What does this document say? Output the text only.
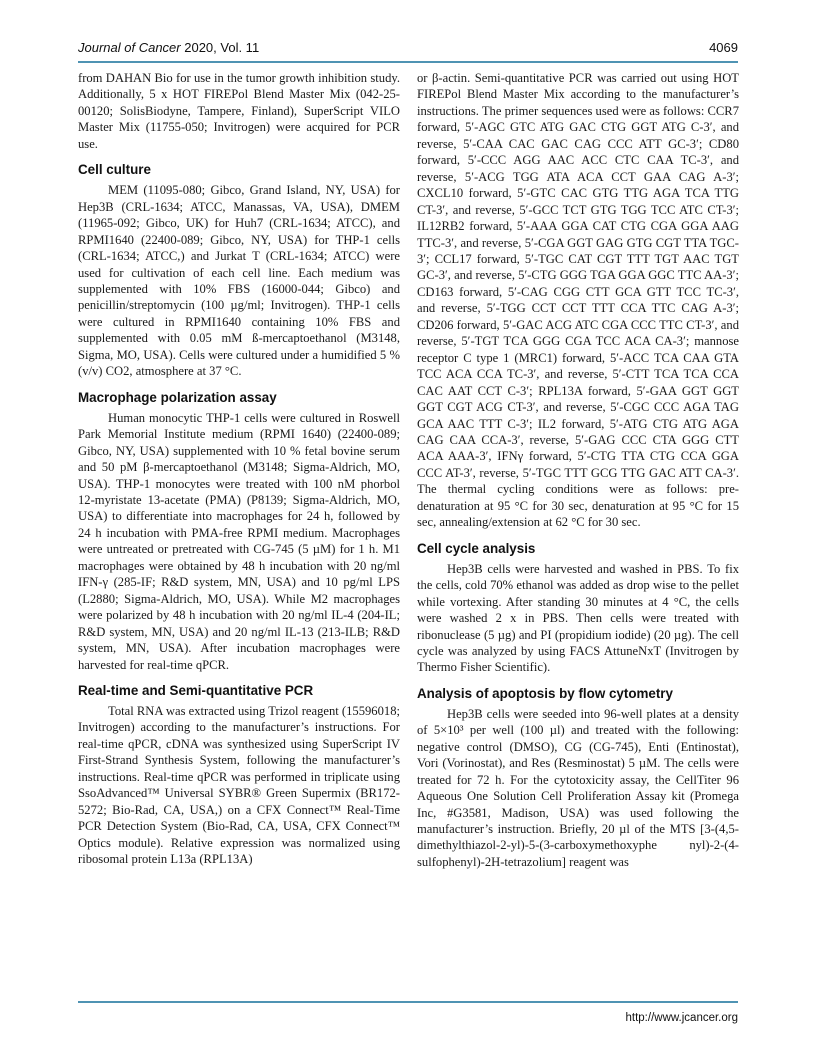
Journal of Cancer 2020, Vol. 11	4069

from DAHAN Bio for use in the tumor growth inhibition study. Additionally, 5 x HOT FIREPol Blend Master Mix (042-25-00120; SolisBiodyne, Tampere, Finland), SuperScript VILO Master Mix (11755-050; Invitrogen) were acquired for PCR use.

Cell culture

MEM (11095-080; Gibco, Grand Island, NY, USA) for Hep3B (CRL-1634; ATCC, Manassas, VA, USA), DMEM (11965-092; Gibco, UK) for Huh7 (CRL-1634; ATCC), and RPMI1640 (22400-089; Gibco, NY, USA) for THP-1 cells (CRL-1634; ATCC,) and Jurkat T (CRL-1634; ATCC) were used for cultivation of each cell line. Each medium was supplemented with 10% FBS (16000-044; Gibco) and penicillin/streptomycin (100 µg/ml; Invitrogen). THP-1 cells were cultured in RPMI1640 containing 10% FBS and supplemented with 0.05 mM ß-mercaptoethanol (M3148, Sigma, MO, USA). Cells were cultured under a humidified 5 % (v/v) CO2, atmosphere at 37 °C.

Macrophage polarization assay

Human monocytic THP-1 cells were cultured in Roswell Park Memorial Institute medium (RPMI 1640) (22400-089; Gibco, NY, USA) supplemented with 10 % fetal bovine serum and 50 pM β-mercaptoethanol (M3148; Sigma-Aldrich, MO, USA). THP-1 monocytes were treated with 100 nM phorbol 12-myristate 13-acetate (PMA) (P8139; Sigma-Aldrich, MO, USA) to differentiate into macrophages for 24 h, followed by 24 h incubation with PMA-free RPMI medium. Macrophages were untreated or pretreated with CG-745 (5 µM) for 1 h. M1 macrophages were obtained by 48 h incubation with 20 ng/ml IFN-γ (285-IF; R&D system, MN, USA) and 10 pg/ml LPS (L2880; Sigma-Aldrich, MO, USA). While M2 macrophages were polarized by 48 h incubation with 20 ng/ml IL-4 (204-IL; R&D system, MN, USA) and 20 ng/ml IL-13 (213-ILB; R&D system, MN, USA). After incubation macrophages were harvested for real-time qPCR.

Real-time and Semi-quantitative PCR

Total RNA was extracted using Trizol reagent (15596018; Invitrogen) according to the manufacturer’s instructions. For real-time qPCR, cDNA was synthesized using SuperScript IV First-Strand Synthesis System, following the manufacturer’s instructions. Real-time qPCR was performed in triplicate using SsoAdvanced™ Universal SYBR® Green Supermix (BR172-5272; Bio-Rad, CA, USA,) on a CFX Connect™ Real-Time PCR Detection System (Bio-Rad, CA, USA, CFX Connect™ Optics module). Relative expression was normalized using ribosomal protein L13a (RPL13A)

or β-actin. Semi-quantitative PCR was carried out using HOT FIREPol Blend Master Mix according to the manufacturer’s instructions. The primer sequences used were as follows: CCR7 forward, 5′-AGC GTC ATG GAC CTG GGT ATG C-3′, and reverse, 5′-CAA CAC GAC CAG CCC ATT GC-3′; CD80 forward, 5′-CCC AGG AAC ACC CTC CAA TC-3′, and reverse, 5′-ACG TGG ATA ACA CCT GAA CAG A-3′; CXCL10 forward, 5′-GTC CAC GTG TTG AGA TCA TTG CT-3′, and reverse, 5′-GCC TCT GTG TGG TCC ATC CT-3′; IL12RB2 forward, 5′-AAA GGA CAT CTG CGA GGA AAG TTC-3′, and reverse, 5′-CGA GGT GAG GTG CGT TTA TGC-3′; CCL17 forward, 5′-TGC CAT CGT TTT TGT AAC TGT GC-3′, and reverse, 5′-CTG GGG TGA GGA GGC TTC AA-3′; CD163 forward, 5′-CAG CGG CTT GCA GTT TCC TC-3′, and reverse, 5′-TGG CCT CCT TTT CCA TTC CAG A-3′; CD206 forward, 5′-GAC ACG ATC CGA CCC TTC CT-3′, and reverse, 5′-TGT TCA GGG CGA TCC ACA CA-3′; mannose receptor C type 1 (MRC1) forward, 5′-ACC TCA CAA GTA TCC ACA CCA TC-3′, and reverse, 5′-CTT TCA TCA CCA CAC AAT CCT C-3′; RPL13A forward, 5′-GAA GGT GGT GGT CGT ACG CT-3′, and reverse, 5′-CGC CCC AGA TAG GCA AAC TTT C-3′; IL2 forward, 5′-ATG CTG ATG AGA CAG CAA CCA-3′, reverse, 5′-GAG CCC CTA GGG CTT ACA AAA-3′, IFNγ forward, 5′-CTG TTA CTG CCA GGA CCC AT-3′, reverse, 5′-TGC TTT GCG TTG GAC ATT CA-3′. The thermal cycling conditions were as follows: pre-denaturation at 95 °C for 30 sec, denaturation at 95 °C for 15 sec, annealing/extension at 62 °C for 30 sec.

Cell cycle analysis

Hep3B cells were harvested and washed in PBS. To fix the cells, cold 70% ethanol was added as drop wise to the pellet while vortexing. After standing 30 minutes at 4 °C, the cells were washed 2 x in PBS. Then cells were treated with ribonuclease (5 µg) and PI (propidium iodide) (20 µg). The cell cycle was analyzed by using FACS AttuneNxT (Invitrogen by Thermo Fisher Scientific).

Analysis of apoptosis by flow cytometry

Hep3B cells were seeded into 96-well plates at a density of 5×10³ per well (100 µl) and treated with the following: negative control (DMSO), CG (CG-745), Enti (Entinostat), Vori (Vorinostat), and Res (Resminostat) 5 µM. The cells were treated for 72 h. For the cytotoxicity assay, the CellTiter 96 Aqueous One Solution Cell Proliferation Assay kit (Promega Inc, #G3581, Madison, USA) was used following the manufacturer’s instruction. Briefly, 20 µl of the MTS [3-(4,5-dimethylthiazol-2-yl)-5-(3-carboxymethoxyphe nyl)-2-(4-sulfophenyl)-2H-tetrazolium] reagent was

http://www.jcancer.org
